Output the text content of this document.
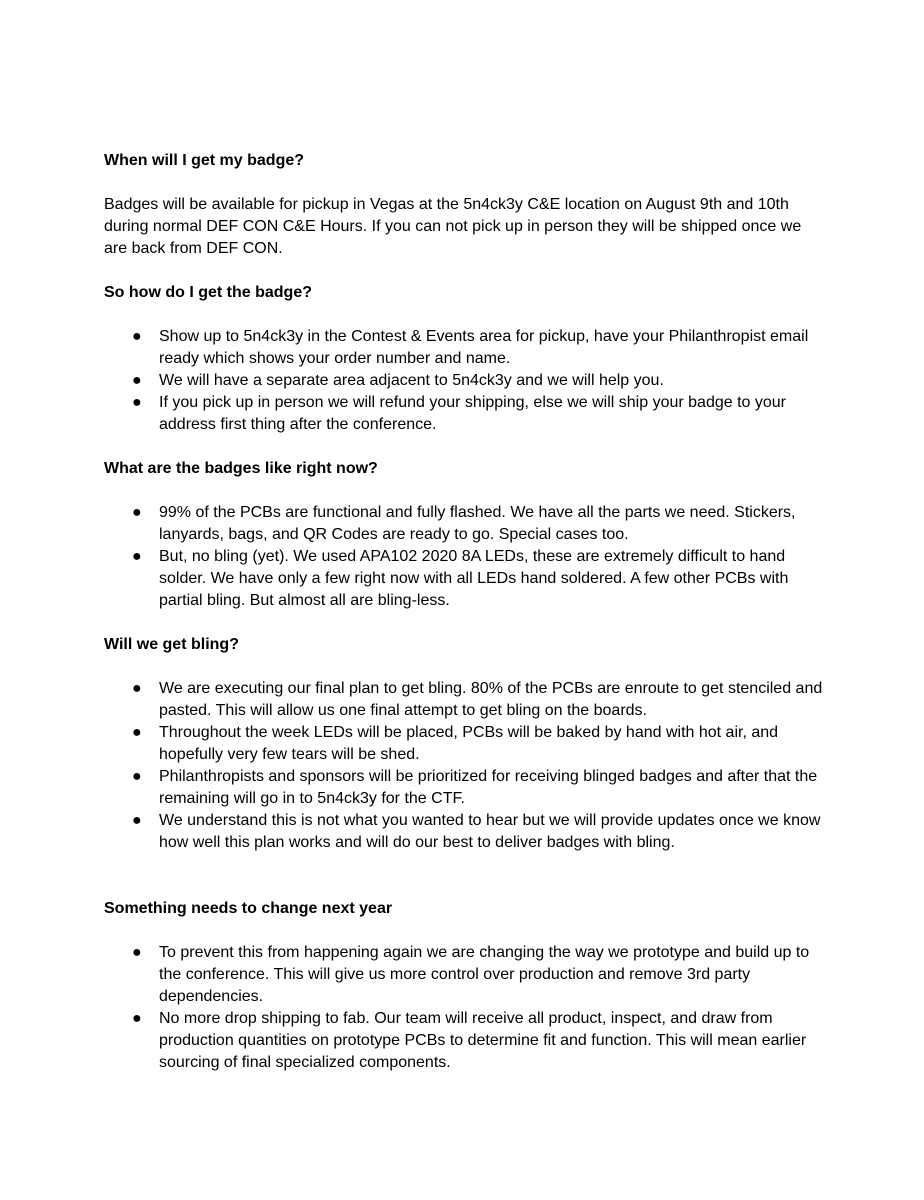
When will I get my badge?

Badges will be available for pickup in Vegas at the 5n4ck3y C&E location on August 9th and 10th during normal DEF CON C&E Hours. If you can not pick up in person they will be shipped once we are back from DEF CON.

So how do I get the badge?

● Show up to 5n4ck3y in the Contest & Events area for pickup, have your Philanthropist email ready which shows your order number and name.
● We will have a separate area adjacent to 5n4ck3y and we will help you.
● If you pick up in person we will refund your shipping, else we will ship your badge to your address first thing after the conference.

What are the badges like right now?

● 99% of the PCBs are functional and fully flashed. We have all the parts we need. Stickers, lanyards, bags, and QR Codes are ready to go. Special cases too.
● But, no bling (yet). We used APA102 2020 8A LEDs, these are extremely difficult to hand solder. We have only a few right now with all LEDs hand soldered. A few other PCBs with partial bling. But almost all are bling-less.

Will we get bling?

● We are executing our final plan to get bling. 80% of the PCBs are enroute to get stenciled and pasted. This will allow us one final attempt to get bling on the boards.
● Throughout the week LEDs will be placed, PCBs will be baked by hand with hot air, and hopefully very few tears will be shed.
● Philanthropists and sponsors will be prioritized for receiving blinged badges and after that the remaining will go in to 5n4ck3y for the CTF.
● We understand this is not what you wanted to hear but we will provide updates once we know how well this plan works and will do our best to deliver badges with bling.

Something needs to change next year

● To prevent this from happening again we are changing the way we prototype and build up to the conference. This will give us more control over production and remove 3rd party dependencies.
● No more drop shipping to fab. Our team will receive all product, inspect, and draw from production quantities on prototype PCBs to determine fit and function. This will mean earlier sourcing of final specialized components.
